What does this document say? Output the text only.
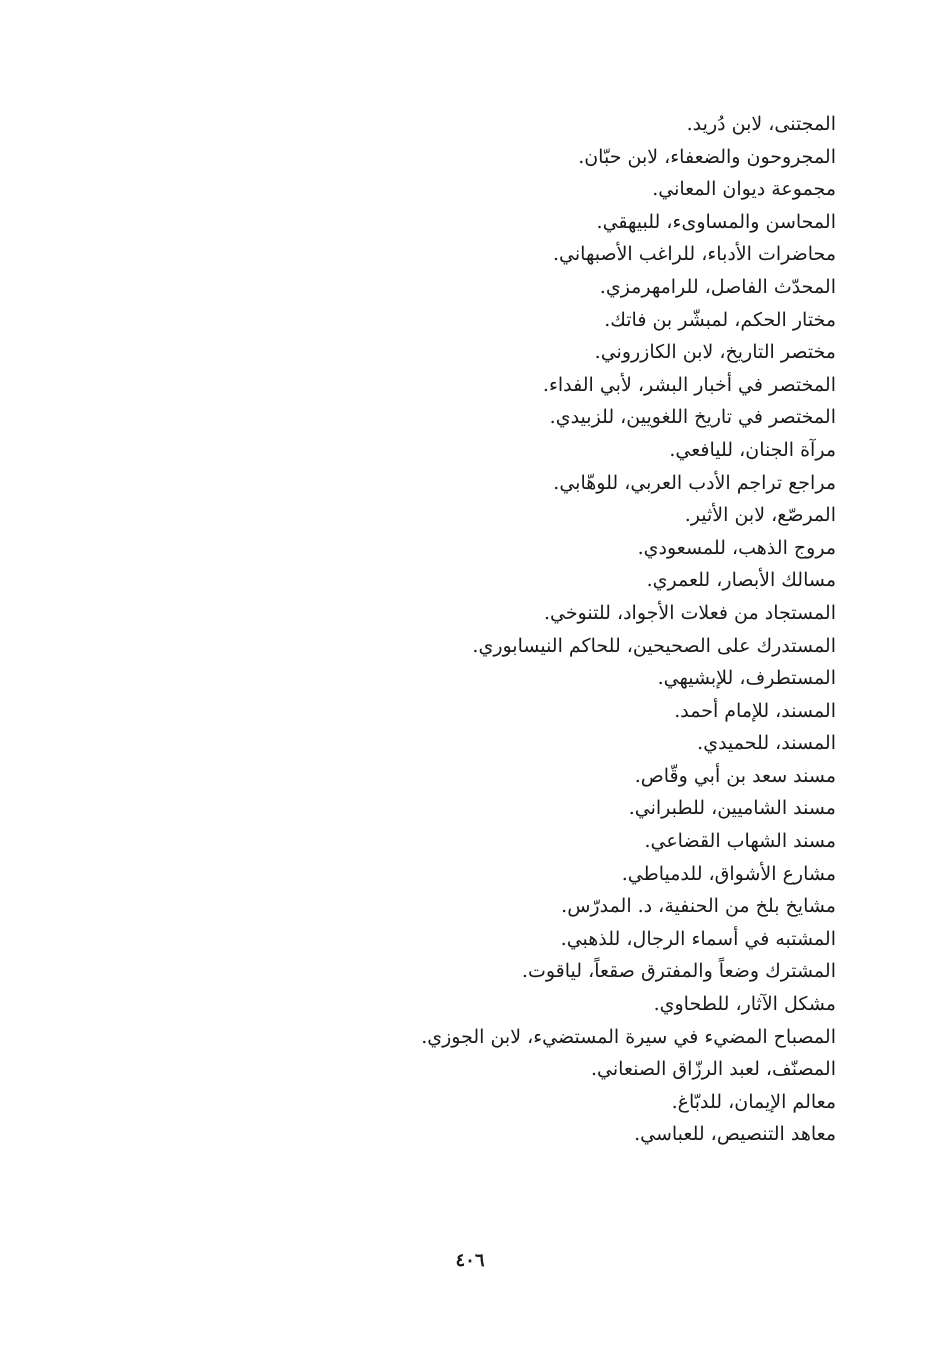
المجتنى، لابن دُريد.
المجروحون والضعفاء، لابن حبّان.
مجموعة ديوان المعاني.
المحاسن والمساوىء، للبيهقي.
محاضرات الأدباء، للراغب الأصبهاني.
المحدّث الفاصل، للرامهرمزي.
مختار الحكم، لمبشّر بن فاتك.
مختصر التاريخ، لابن الكازروني.
المختصر في أخبار البشر، لأبي الفداء.
المختصر في تاريخ اللغويين، للزبيدي.
مرآة الجنان، لليافعي.
مراجع تراجم الأدب العربي، للوهّابي.
المرصّع، لابن الأثير.
مروج الذهب، للمسعودي.
مسالك الأبصار، للعمري.
المستجاد من فعلات الأجواد، للتنوخي.
المستدرك على الصحيحين، للحاكم النيسابوري.
المستطرف، للإبشيهي.
المسند، للإمام أحمد.
المسند، للحميدي.
مسند سعد بن أبي وقّاص.
مسند الشاميين، للطبراني.
مسند الشهاب القضاعي.
مشارع الأشواق، للدمياطي.
مشايخ بلخ من الحنفية، د. المدرّس.
المشتبه في أسماء الرجال، للذهبي.
المشترك وضعاً والمفترق صقعاً، لياقوت.
مشكل الآثار، للطحاوي.
المصباح المضيء في سيرة المستضيء، لابن الجوزي.
المصنّف، لعبد الرزّاق الصنعاني.
معالم الإيمان، للدبّاغ.
معاهد التنصيص، للعباسي.
٤٠٦
